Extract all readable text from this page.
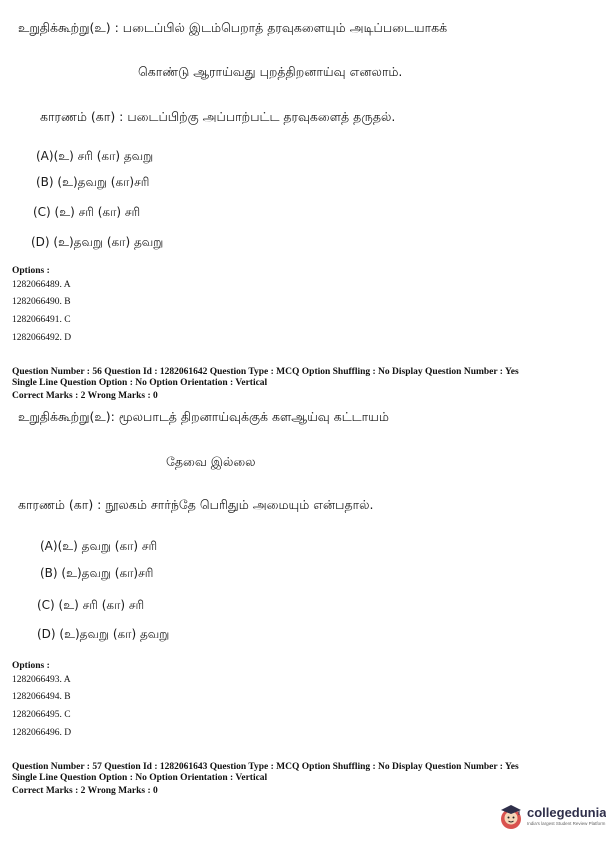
உறுதிக்கூற்று(உ) : படைப்பில் இடம்பெறாத் தரவுகளையும் அடிப்படையாகக்
கொண்டு ஆராய்வது புறத்திறனாய்வு எனலாம்.
காரணம் (கா) : படைப்பிற்கு அப்பாற்பட்ட தரவுகளைத் தருதல்.
(A)(உ) சரி (கா) தவறு
(B) (உ)தவறு (கா)சரி
(C) (உ) சரி (கா) சரி
(D) (உ)தவறு (கா) தவறு
Options :
1282066489. A
1282066490. B
1282066491. C
1282066492. D
Question Number : 56 Question Id : 1282061642 Question Type : MCQ Option Shuffling : No Display Question Number : Yes
Single Line Question Option : No Option Orientation : Vertical
Correct Marks : 2 Wrong Marks : 0
உறுதிக்கூற்று(உ): மூலபாடத் திறனாய்வுக்குக் களஆய்வு கட்டாயம்
தேவை இல்லை
காரணம் (கா) : நூலகம் சார்ந்தே பெரிதும் அமையும் என்பதால்.
(A)(உ) தவறு (கா) சரி
(B) (உ)தவறு (கா)சரி
(C) (உ) சரி (கா) சரி
(D) (உ)தவறு (கா) தவறு
Options :
1282066493. A
1282066494. B
1282066495. C
1282066496. D
Question Number : 57 Question Id : 1282061643 Question Type : MCQ Option Shuffling : No Display Question Number : Yes
Single Line Question Option : No Option Orientation : Vertical
Correct Marks : 2 Wrong Marks : 0
collegedunia
India's largest Student Review Platform
